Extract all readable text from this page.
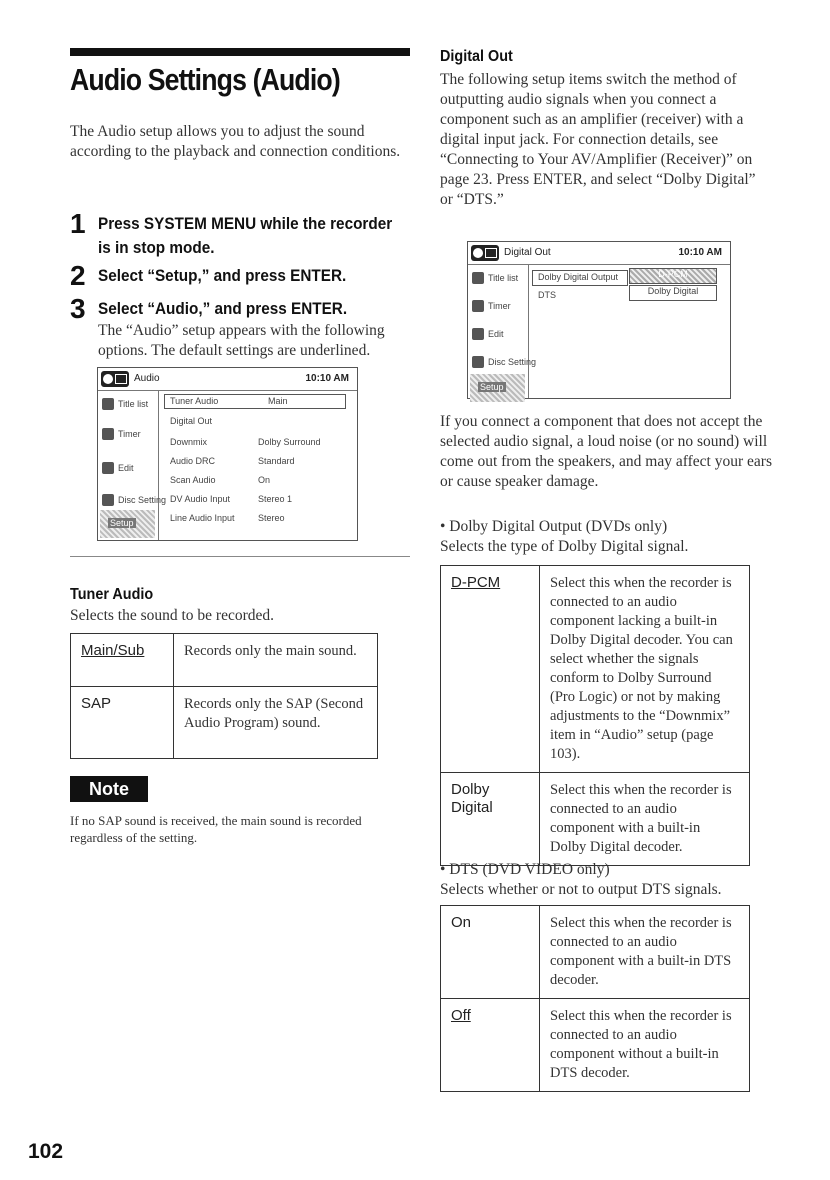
Audio Settings (Audio)
The Audio setup allows you to adjust the sound according to the playback and connection conditions.
1 Press SYSTEM MENU while the recorder is in stop mode.
2 Select “Setup,” and press ENTER.
3 Select “Audio,” and press ENTER.
The “Audio” setup appears with the following options. The default settings are underlined.
Audio	10:10 AM
Title list
Timer
Edit
Disc Setting
Setup
Tuner Audio	Main
Digital Out
Downmix	Dolby Surround
Audio DRC	Standard
Scan Audio	On
DV Audio Input	Stereo 1
Line Audio Input	Stereo
Tuner Audio
Selects the sound to be recorded.
Main/Sub	Records only the main sound.
SAP	Records only the SAP (Second Audio Program) sound.
Note
If no SAP sound is received, the main sound is recorded regardless of the setting.
102
Digital Out
The following setup items switch the method of outputting audio signals when you connect a component such as an amplifier (receiver) with a digital input jack. For connection details, see “Connecting to Your AV/Amplifier (Receiver)” on page 23. Press ENTER, and select “Dolby Digital” or “DTS.”
Digital Out	10:10 AM
Title list
Timer
Edit
Disc Setting
Setup
Dolby Digital Output	D-PCM
DTS	Dolby Digital
If you connect a component that does not accept the selected audio signal, a loud noise (or no sound) will come out from the speakers, and may affect your ears or cause speaker damage.
• Dolby Digital Output (DVDs only)
Selects the type of Dolby Digital signal.
D-PCM	Select this when the recorder is connected to an audio component lacking a built-in Dolby Digital decoder. You can select whether the signals conform to Dolby Surround (Pro Logic) or not by making adjustments to the “Downmix” item in “Audio” setup (page 103).
Dolby Digital	Select this when the recorder is connected to an audio component with a built-in Dolby Digital decoder.
• DTS (DVD VIDEO only)
Selects whether or not to output DTS signals.
On	Select this when the recorder is connected to an audio component with a built-in DTS decoder.
Off	Select this when the recorder is connected to an audio component without a built-in DTS decoder.
